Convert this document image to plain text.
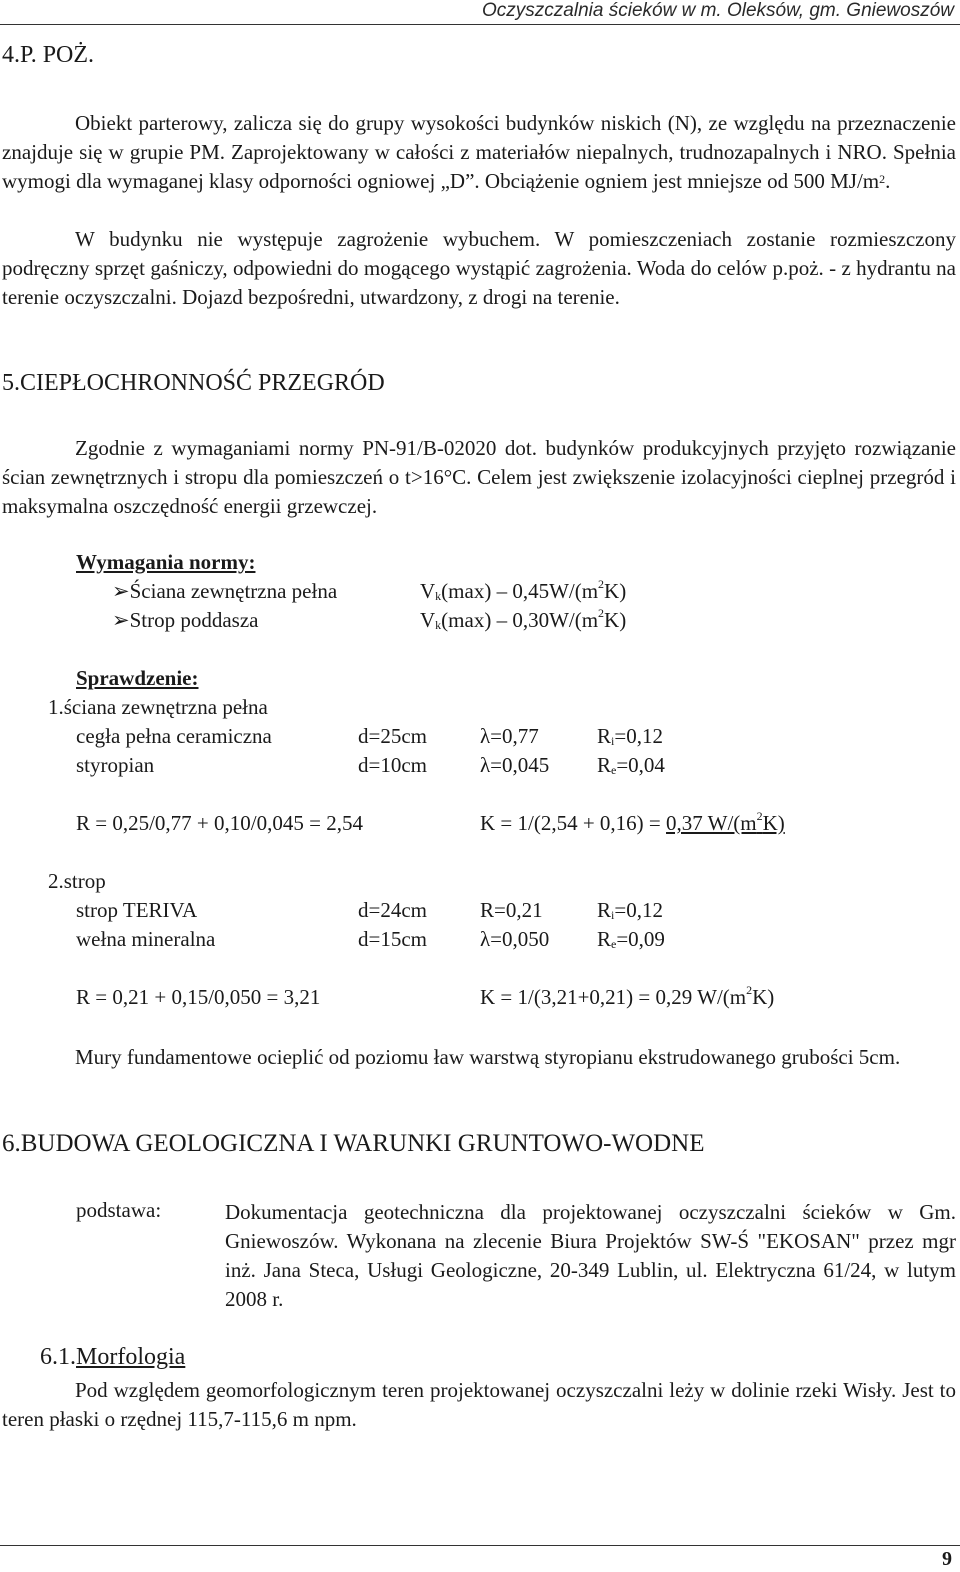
Oczyszczalnia ścieków w m. Oleksów, gm. Gniewoszów
4.P. POŻ.
Obiekt parterowy, zalicza się do grupy wysokości budynków niskich (N), ze względu na przeznaczenie znajduje się w grupie PM. Zaprojektowany w całości z materiałów niepalnych, trudnozapalnych i NRO. Spełnia wymogi dla wymaganej klasy odporności ogniowej „D”. Obciążenie ogniem jest mniejsze od 500 $MJ/m^2$.
W budynku nie występuje zagrożenie wybuchem. W pomieszczeniach zostanie rozmieszczony podręczny sprzęt gaśniczy, odpowiedni do mogącego wystąpić zagrożenia. Woda do celów p.poż. - z hydrantu na terenie oczyszczalni. Dojazd bezpośredni, utwardzony, z drogi na terenie.
5.CIEPŁOCHRONNOŚĆ PRZEGRÓD
Zgodnie z wymaganiami normy PN-91/B-02020 dot. budynków produkcyjnych przyjęto rozwiązanie ścian zewnętrznych i stropu dla pomieszczeń o t>16°C. Celem jest zwiększenie izolacyjności cieplnej przegród i maksymalna oszczędność energii grzewczej.
Wymagania normy:
➢Ściana zewnętrzna pełna	$Vk(\max) - 0,45W/(m^2K)$
➢Strop poddasza	$Vk(\max) - 0,30W/(m^2K)$
Sprawdzenie:
1.ściana zewnętrzna pełna
cegła pełna ceramiczna	d=25cm	λ=0,77	Ri=0,12
styropian	d=10cm	λ=0,045 Re=0,04
R = 0,25/0,77 + 0,10/0,045 = 2,54	K = 1/(2,54 + 0,16) = 0,37 $W/(m^2K)$
2.strop
strop TERIVA	d=24cm	R=0,21	Ri=0,12
wełna mineralna	d=15cm	λ=0,050 Re=0,09
R = 0,21 + 0,15/0,050 = 3,21	K = 1/(3,21+0,21) = 0,29 $W/(m^2K)$
Mury fundamentowe ocieplić od poziomu ław warstwą styropianu ekstrudowanego grubości 5cm.
6.BUDOWA GEOLOGICZNA I WARUNKI GRUNTOWO-WODNE
podstawa:	Dokumentacja geotechniczna dla projektowanej oczyszczalni ścieków w Gm. Gniewoszów. Wykonana na zlecenie Biura Projektów SW-Ś "EKOSAN" przez mgr inż. Jana Steca, Usługi Geologiczne, 20-349 Lublin, ul. Elektryczna 61/24, w lutym 2008 r.
6.1.Morfologia
Pod względem geomorfologicznym teren projektowanej oczyszczalni leży w dolinie rzeki Wisły. Jest to teren płaski o rzędnej 115,7-115,6 m npm.
9
